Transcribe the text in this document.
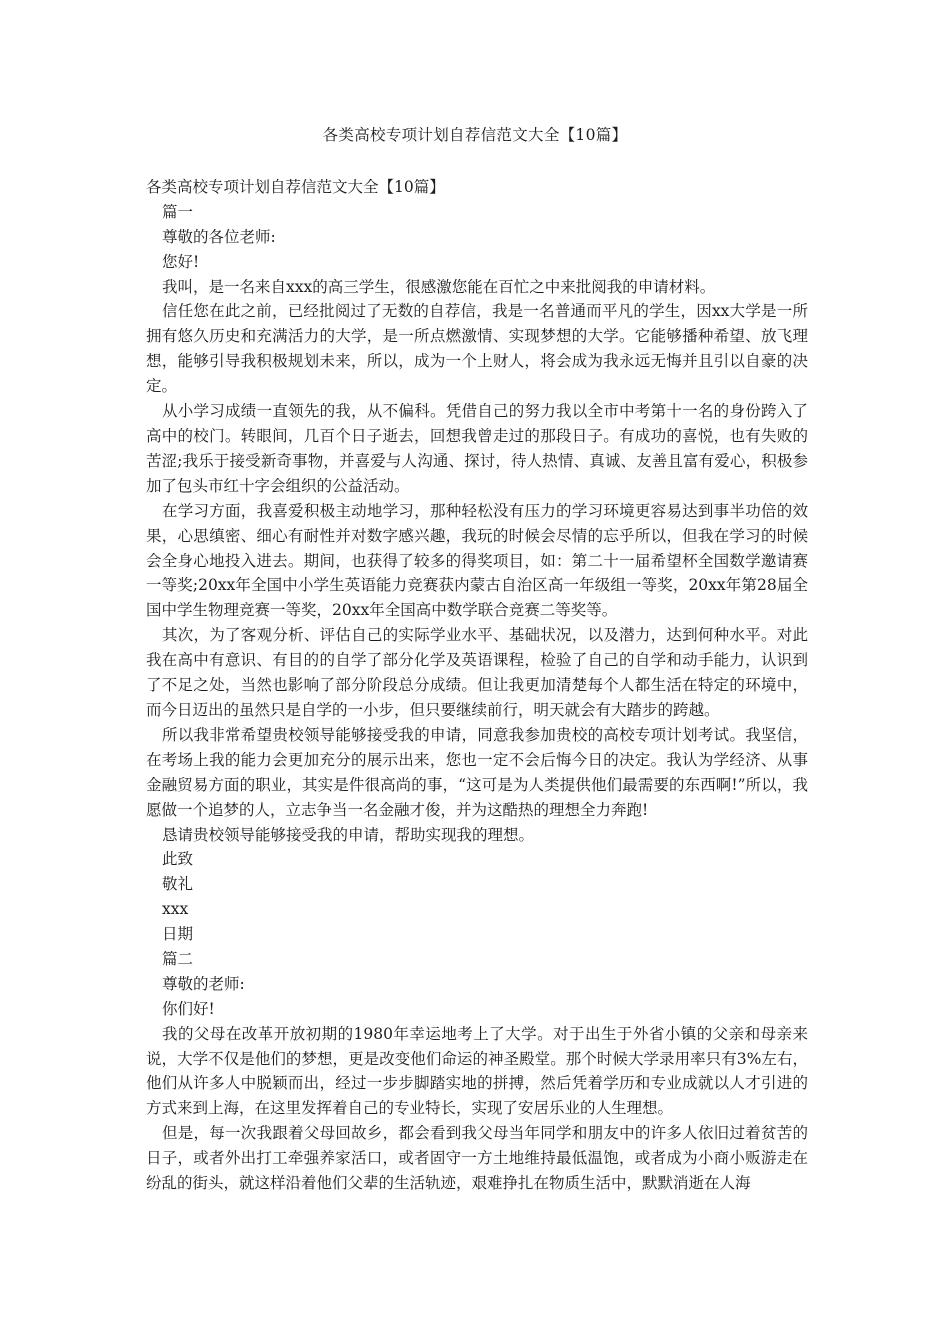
各类高校专项计划自荐信范文大全【10篇】
各类高校专项计划自荐信范文大全【10篇】
篇一
尊敬的各位老师:
您好!
我叫，是一名来自xxx的高三学生，很感激您能在百忙之中来批阅我的申请材料。
信任您在此之前，已经批阅过了无数的自荐信，我是一名普通而平凡的学生，因xx大学是一所拥有悠久历史和充满活力的大学，是一所点燃激情、实现梦想的大学。它能够播种希望、放飞理想，能够引导我积极规划未来，所以，成为一个上财人，将会成为我永远无悔并且引以自豪的决定。
从小学习成绩一直领先的我，从不偏科。凭借自己的努力我以全市中考第十一名的身份跨入了高中的校门。转眼间，几百个日子逝去，回想我曾走过的那段日子。有成功的喜悦，也有失败的苦涩;我乐于接受新奇事物，并喜爱与人沟通、探讨，待人热情、真诚、友善且富有爱心，积极参加了包头市红十字会组织的公益活动。
在学习方面，我喜爱积极主动地学习，那种轻松没有压力的学习环境更容易达到事半功倍的效果，心思缜密、细心有耐性并对数字感兴趣，我玩的时候会尽情的忘乎所以，但我在学习的时候会全身心地投入进去。期间，也获得了较多的得奖项目，如：第二十一届希望杯全国数学邀请赛一等奖;20xx年全国中小学生英语能力竞赛获内蒙古自治区高一年级组一等奖，20xx年第28届全国中学生物理竞赛一等奖，20xx年全国高中数学联合竞赛二等奖等。
其次，为了客观分析、评估自己的实际学业水平、基础状况，以及潜力，达到何种水平。对此我在高中有意识、有目的的自学了部分化学及英语课程，检验了自己的自学和动手能力，认识到了不足之处，当然也影响了部分阶段总分成绩。但让我更加清楚每个人都生活在特定的环境中，而今日迈出的虽然只是自学的一小步，但只要继续前行，明天就会有大踏步的跨越。
所以我非常希望贵校领导能够接受我的申请，同意我参加贵校的高校专项计划考试。我坚信，在考场上我的能力会更加充分的展示出来，您也一定不会后悔今日的决定。我认为学经济、从事金融贸易方面的职业，其实是件很高尚的事，“这可是为人类提供他们最需要的东西啊!”所以，我愿做一个追梦的人，立志争当一名金融才俊，并为这酷热的理想全力奔跑!
恳请贵校领导能够接受我的申请，帮助实现我的理想。
此致
敬礼
xxx
日期
篇二
尊敬的老师:
你们好!
我的父母在改革开放初期的1980年幸运地考上了大学。对于出生于外省小镇的父亲和母亲来说，大学不仅是他们的梦想，更是改变他们命运的神圣殿堂。那个时候大学录用率只有3%左右，他们从许多人中脱颖而出，经过一步步脚踏实地的拼搏，然后凭着学历和专业成就以人才引进的方式来到上海，在这里发挥着自己的专业特长，实现了安居乐业的人生理想。
但是，每一次我跟着父母回故乡，都会看到我父母当年同学和朋友中的许多人依旧过着贫苦的日子，或者外出打工牵强养家活口，或者固守一方土地维持最低温饱，或者成为小商小贩游走在纷乱的街头，就这样沿着他们父辈的生活轨迹，艰难挣扎在物质生活中，默默消逝在人海
